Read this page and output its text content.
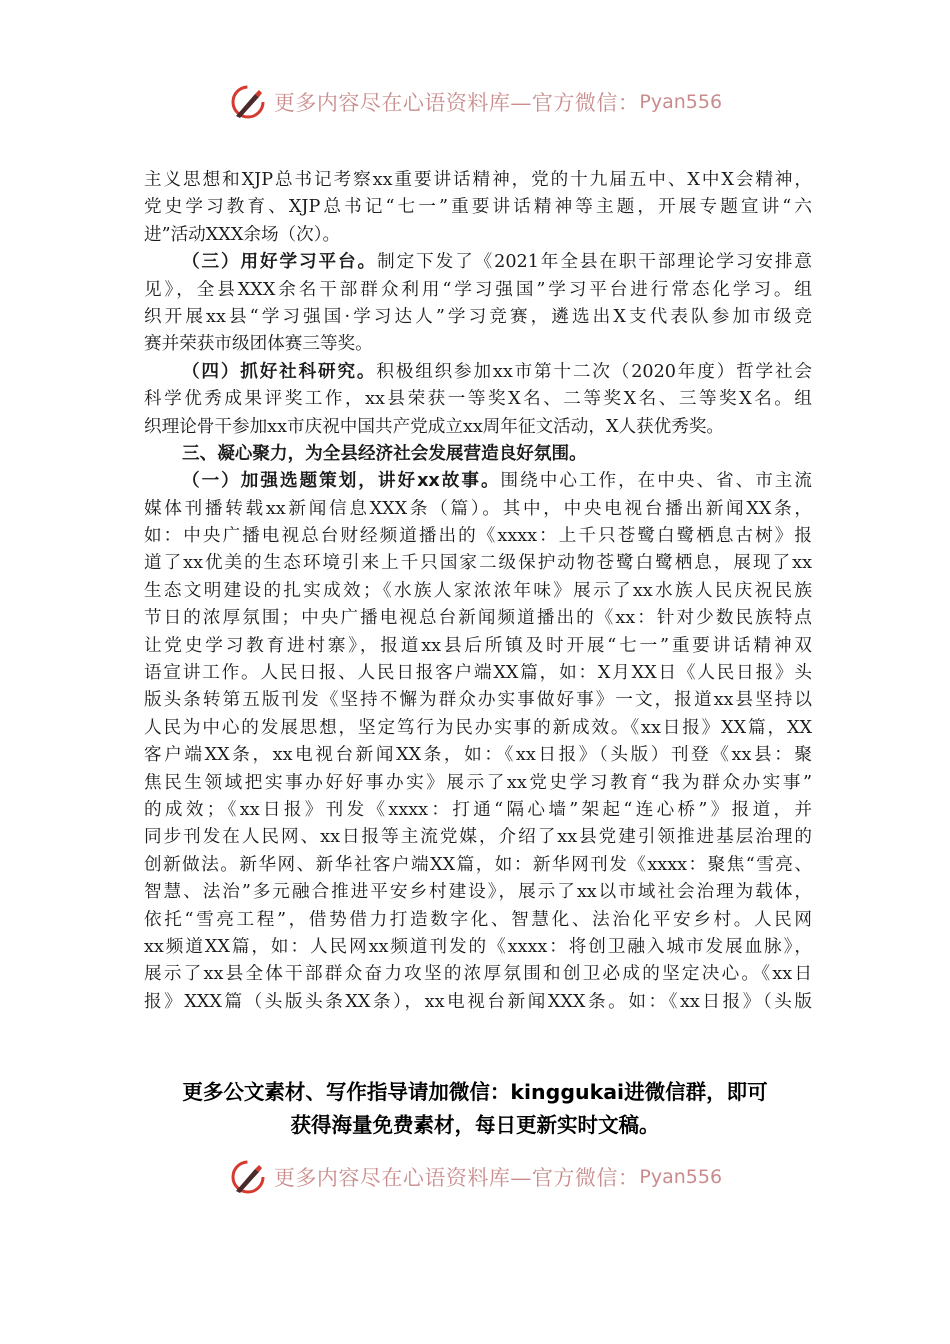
更多内容尽在心语资料库—官方微信： Pyan556
主义思想和XJP总书记考察xx重要讲话精神，党的十九届五中、X中X会精神，
党史学习教育、XJP总书记“七一”重要讲话精神等主题，开展专题宣讲“六
进”活动XXX余场（次）。
（三）用好学习平台。制定下发了《2021年全县在职干部理论学习安排意
见》，全县XXX余名干部群众利用“学习强国”学习平台进行常态化学习。组
织开展xx县“学习强国·学习达人”学习竞赛，遴选出X支代表队参加市级竞
赛并荣获市级团体赛三等奖。
（四）抓好社科研究。积极组织参加xx市第十二次（2020年度）哲学社会
科学优秀成果评奖工作，xx县荣获一等奖X名、二等奖X名、三等奖X名。组
织理论骨干参加xx市庆祝中国共产党成立xx周年征文活动，X人获优秀奖。
三、凝心聚力，为全县经济社会发展营造良好氛围。
（一）加强选题策划，讲好xx故事。围绕中心工作，在中央、省、市主流
媒体刊播转载xx新闻信息XXX条（篇）。其中，中央电视台播出新闻XX条，
如：中央广播电视总台财经频道播出的《xxxx：上千只苍鹭白鹭栖息古树》报
道了xx优美的生态环境引来上千只国家二级保护动物苍鹭白鹭栖息，展现了xx
生态文明建设的扎实成效；《水族人家浓浓年味》展示了xx水族人民庆祝民族
节日的浓厚氛围；中央广播电视总台新闻频道播出的《xx：针对少数民族特点
让党史学习教育进村寨》，报道xx县后所镇及时开展“七一”重要讲话精神双
语宣讲工作。人民日报、人民日报客户端XX篇，如：X月XX日《人民日报》头
版头条转第五版刊发《坚持不懈为群众办实事做好事》一文，报道xx县坚持以
人民为中心的发展思想，坚定笃行为民办实事的新成效。《xx日报》XX篇，XX
客户端XX条，xx电视台新闻XX条，如：《xx日报》（头版）刊登《xx县：聚
焦民生领域把实事办好好事办实》展示了xx党史学习教育“我为群众办实事”
的成效；《xx日报》刊发《xxxx：打通“隔心墙”架起“连心桥”》报道，并
同步刊发在人民网、xx日报等主流党媒，介绍了xx县党建引领推进基层治理的
创新做法。新华网、新华社客户端XX篇，如：新华网刊发《xxxx：聚焦“雪亮、
智慧、法治”多元融合推进平安乡村建设》，展示了xx以市域社会治理为载体，
依托“雪亮工程”，借势借力打造数字化、智慧化、法治化平安乡村。人民网
xx频道XX篇，如：人民网xx频道刊发的《xxxx：将创卫融入城市发展血脉》，
展示了xx县全体干部群众奋力攻坚的浓厚氛围和创卫必成的坚定决心。《xx日
报》XXX篇（头版头条XX条），xx电视台新闻XXX条。如：《xx日报》（头版
更多公文素材、写作指导请加微信：kinggukai进微信群，即可
获得海量免费素材，每日更新实时文稿。
更多内容尽在心语资料库—官方微信： Pyan556
